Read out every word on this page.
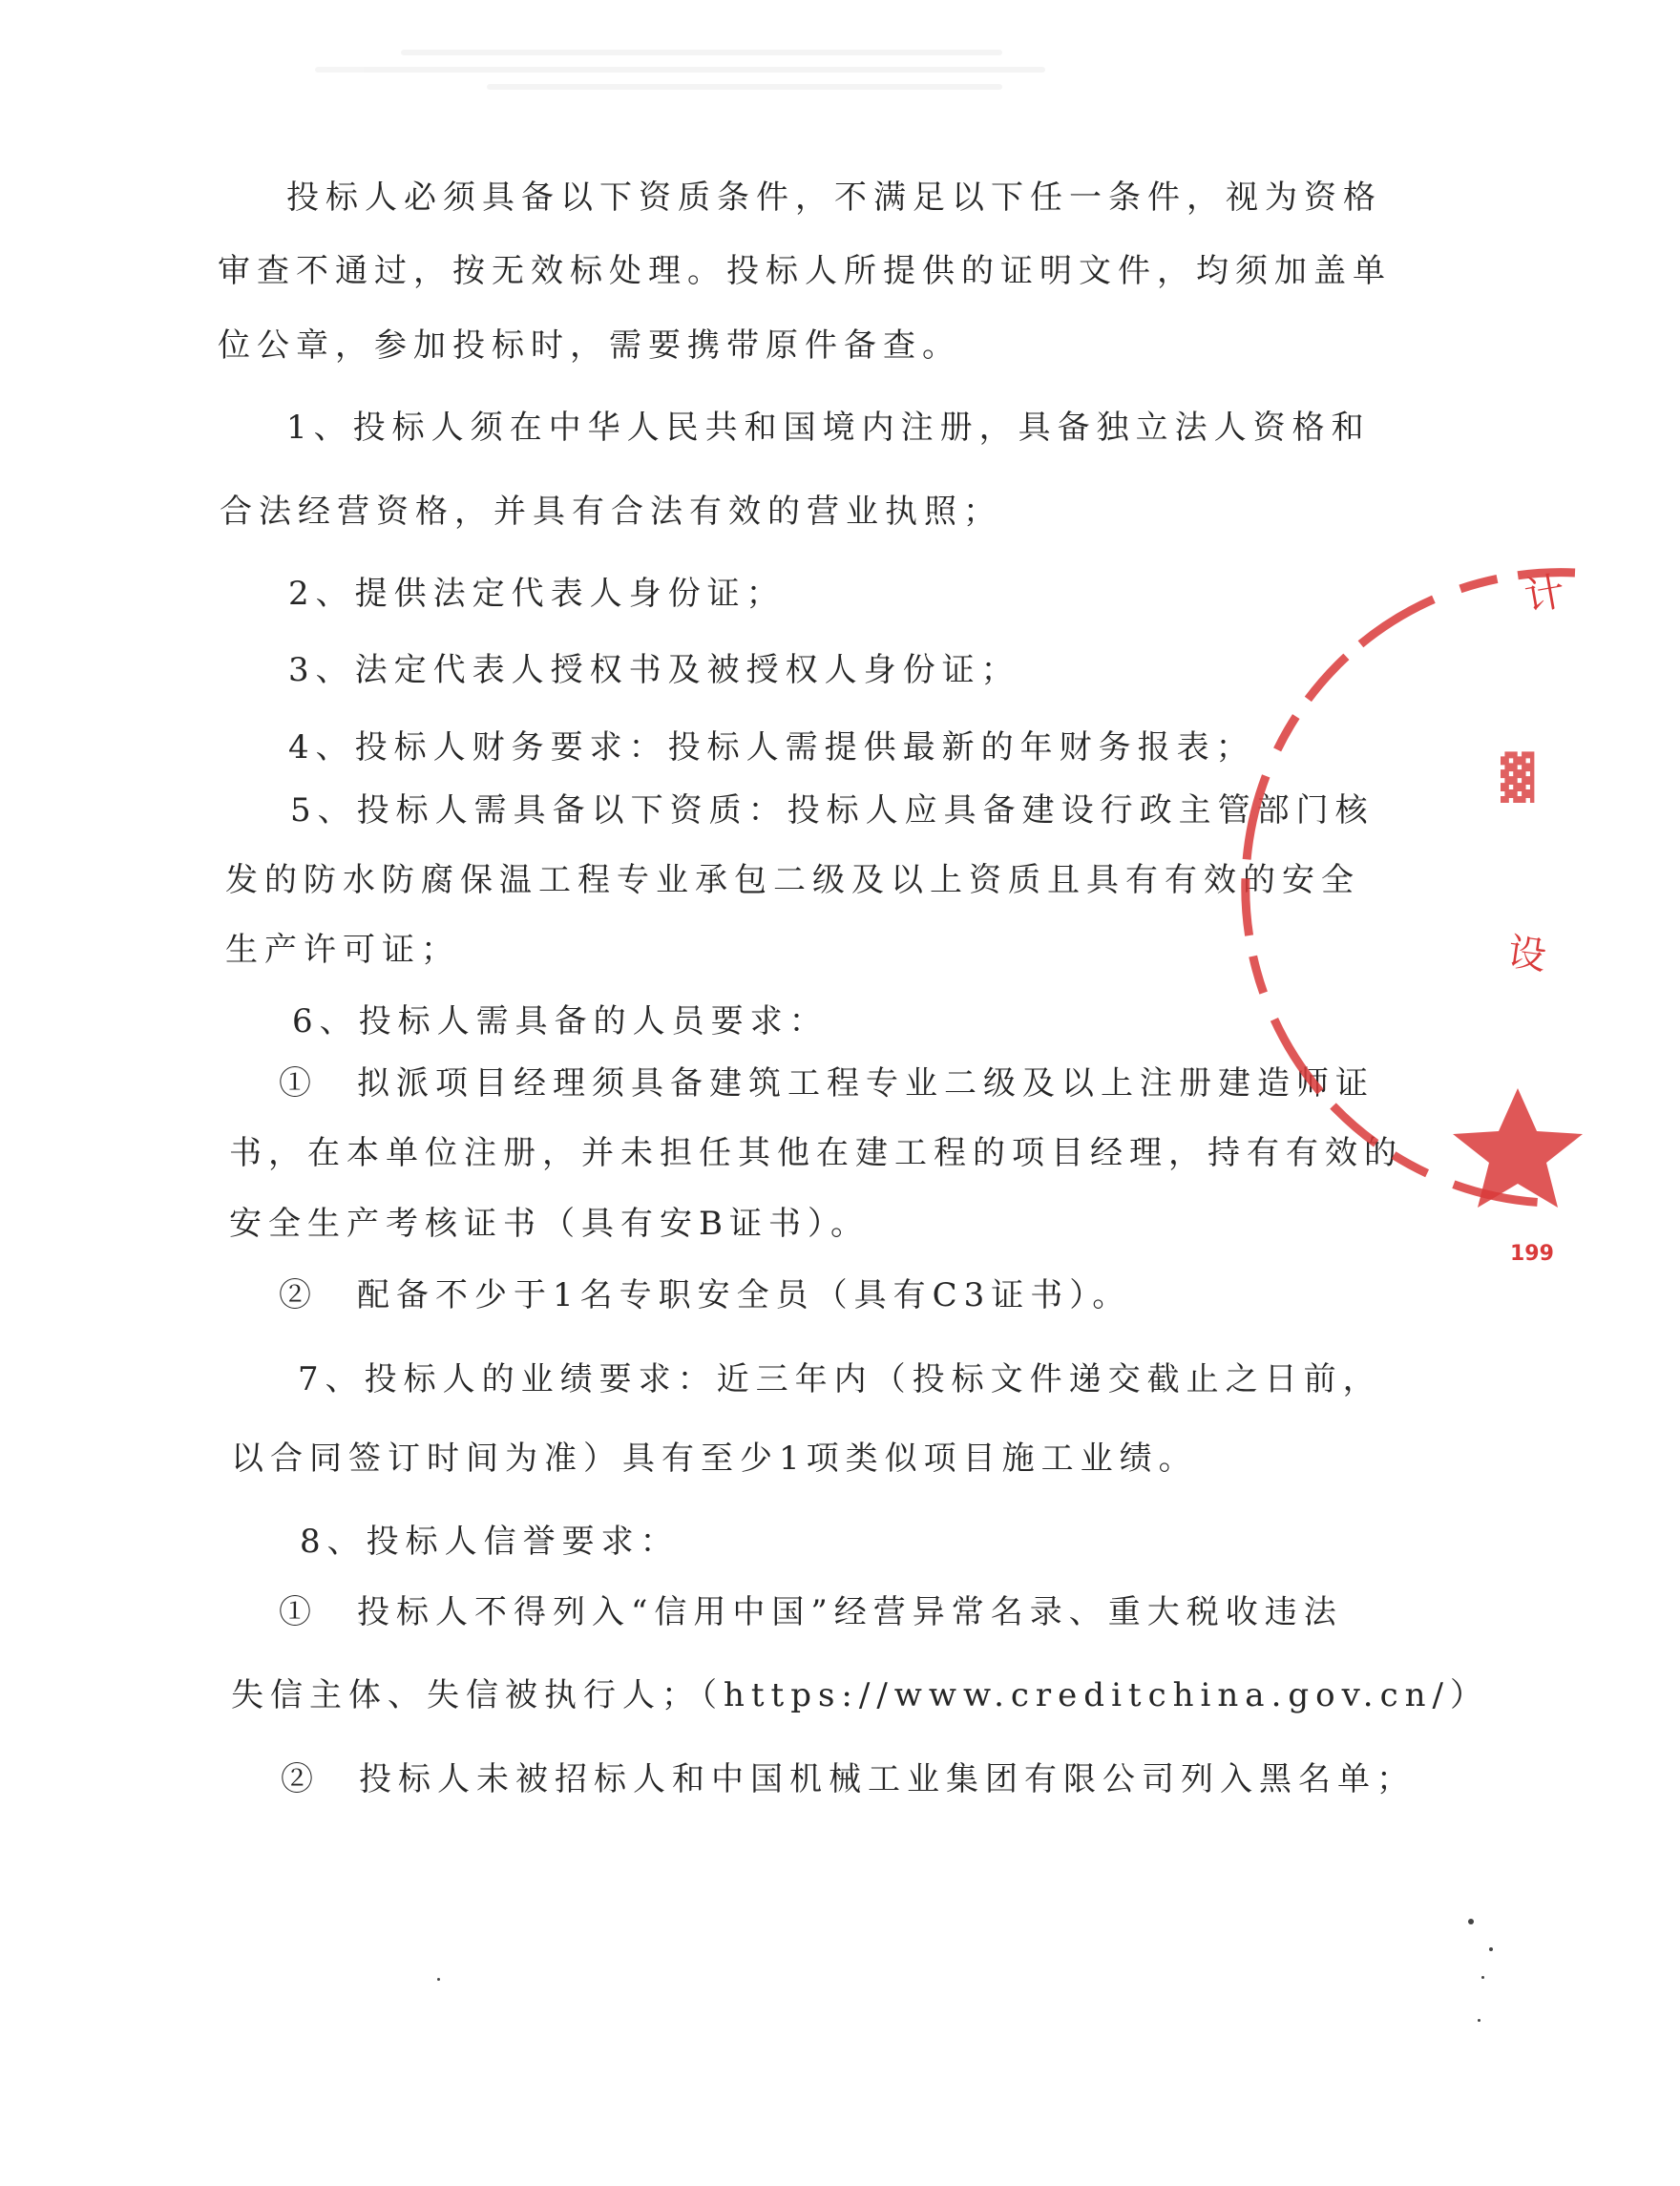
投标人必须具备以下资质条件，不满足以下任一条件，视为资格
审查不通过，按无效标处理。投标人所提供的证明文件，均须加盖单
位公章，参加投标时，需要携带原件备查。
1、投标人须在中华人民共和国境内注册，具备独立法人资格和
合法经营资格，并具有合法有效的营业执照；
2、提供法定代表人身份证；
3、法定代表人授权书及被授权人身份证；
4、投标人财务要求：投标人需提供最新的年财务报表；
5、投标人需具备以下资质：投标人应具备建设行政主管部门核
发的防水防腐保温工程专业承包二级及以上资质且具有有效的安全
生产许可证；
6、投标人需具备的人员要求：
①　拟派项目经理须具备建筑工程专业二级及以上注册建造师证
书，在本单位注册，并未担任其他在建工程的项目经理，持有有效的
安全生产考核证书（具有安B证书）。
②　配备不少于1名专职安全员（具有C3证书）。
7、投标人的业绩要求：近三年内（投标文件递交截止之日前，
以合同签订时间为准）具有至少1项类似项目施工业绩。
8、投标人信誉要求：
①　投标人不得列入“信用中国”经营异常名录、重大税收违法
失信主体、失信被执行人；（https://www.creditchina.gov.cn/）
②　投标人未被招标人和中国机械工业集团有限公司列入黑名单；
计
▓
设
199
